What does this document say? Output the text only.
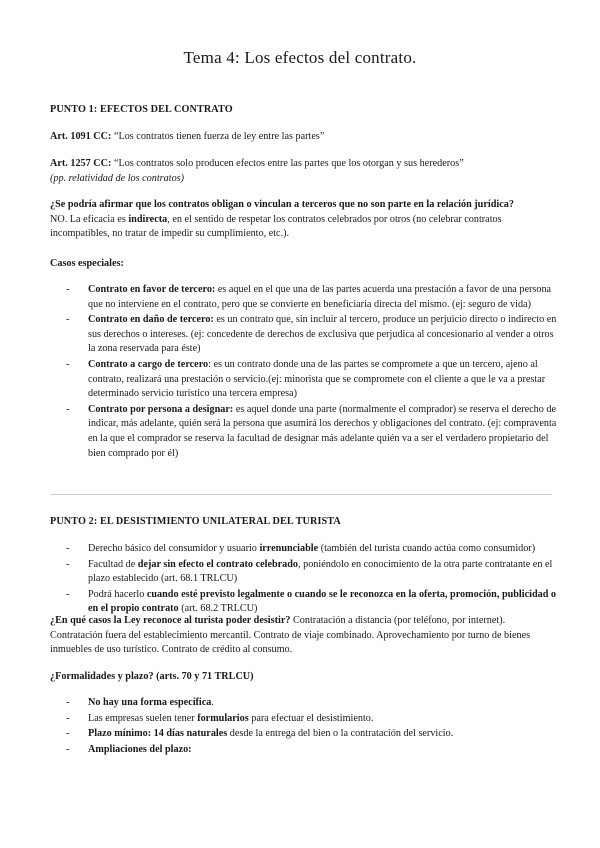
Tema 4: Los efectos del contrato.

PUNTO 1: EFECTOS DEL CONTRATO

Art. 1091 CC: “Los contratos tienen fuerza de ley entre las partes”

Art. 1257 CC: “Los contratos solo producen efectos entre las partes que los otorgan y sus herederos”

(pp. relatividad de los contratos)

¿Se podría afirmar que los contratos obligan o vinculan a terceros que no son parte en la relación jurídica?

NO. La eficacia es indirecta, en el sentido de respetar los contratos celebrados por otros (no celebrar contratos incompatibles, no tratar de impedir su cumplimiento, etc.).

Casos especiales:

- Contrato en favor de tercero: es aquel en el que una de las partes acuerda una prestación a favor de una persona que no interviene en el contrato, pero que se convierte en beneficiaria directa del mismo. (ej: seguro de vida)
- Contrato en daño de tercero: es un contrato que, sin incluir al tercero, produce un perjuicio directo o indirecto en sus derechos o intereses. (ej: concedente de derechos de exclusiva que perjudica al concesionario al vender a otros la zona reservada para éste)
- Contrato a cargo de tercero: es un contrato donde una de las partes se compromete a que un tercero, ajeno al contrato, realizará una prestación o servicio.(ej: minorista que se compromete con el cliente a que le va a prestar determinado servicio turístico una tercera empresa)
- Contrato por persona a designar: es aquel donde una parte (normalmente el comprador) se reserva el derecho de indicar, más adelante, quién será la persona que asumirá los derechos y obligaciones del contrato. (ej: compraventa en la que el comprador se reserva la facultad de designar más adelante quién va a ser el verdadero propietario del bien comprado por él)

PUNTO 2: EL DESISTIMIENTO UNILATERAL DEL TURISTA

- Derecho básico del consumidor y usuario irrenunciable (también del turista cuando actúa como consumidor)
- Facultad de dejar sin efecto el contrato celebrado, poniéndolo en conocimiento de la otra parte contratante en el plazo establecido (art. 68.1 TRLCU)
- Podrá hacerlo cuando esté previsto legalmente o cuando se le reconozca en la oferta, promoción, publicidad o en el propio contrato (art. 68.2 TRLCU)

¿En qué casos la Ley reconoce al turista poder desistir? Contratación a distancia (por teléfono, por internet). Contratación fuera del establecimiento mercantil. Contrato de viaje combinado. Aprovechamiento por turno de bienes inmuebles de uso turístico. Contrato de crédito al consumo.

¿Formalidades y plazo? (arts. 70 y 71 TRLCU)

- No hay una forma específica.
- Las empresas suelen tener formularios para efectuar el desistimiento.
- Plazo mínimo: 14 días naturales desde la entrega del bien o la contratación del servicio.
- Ampliaciones del plazo:
